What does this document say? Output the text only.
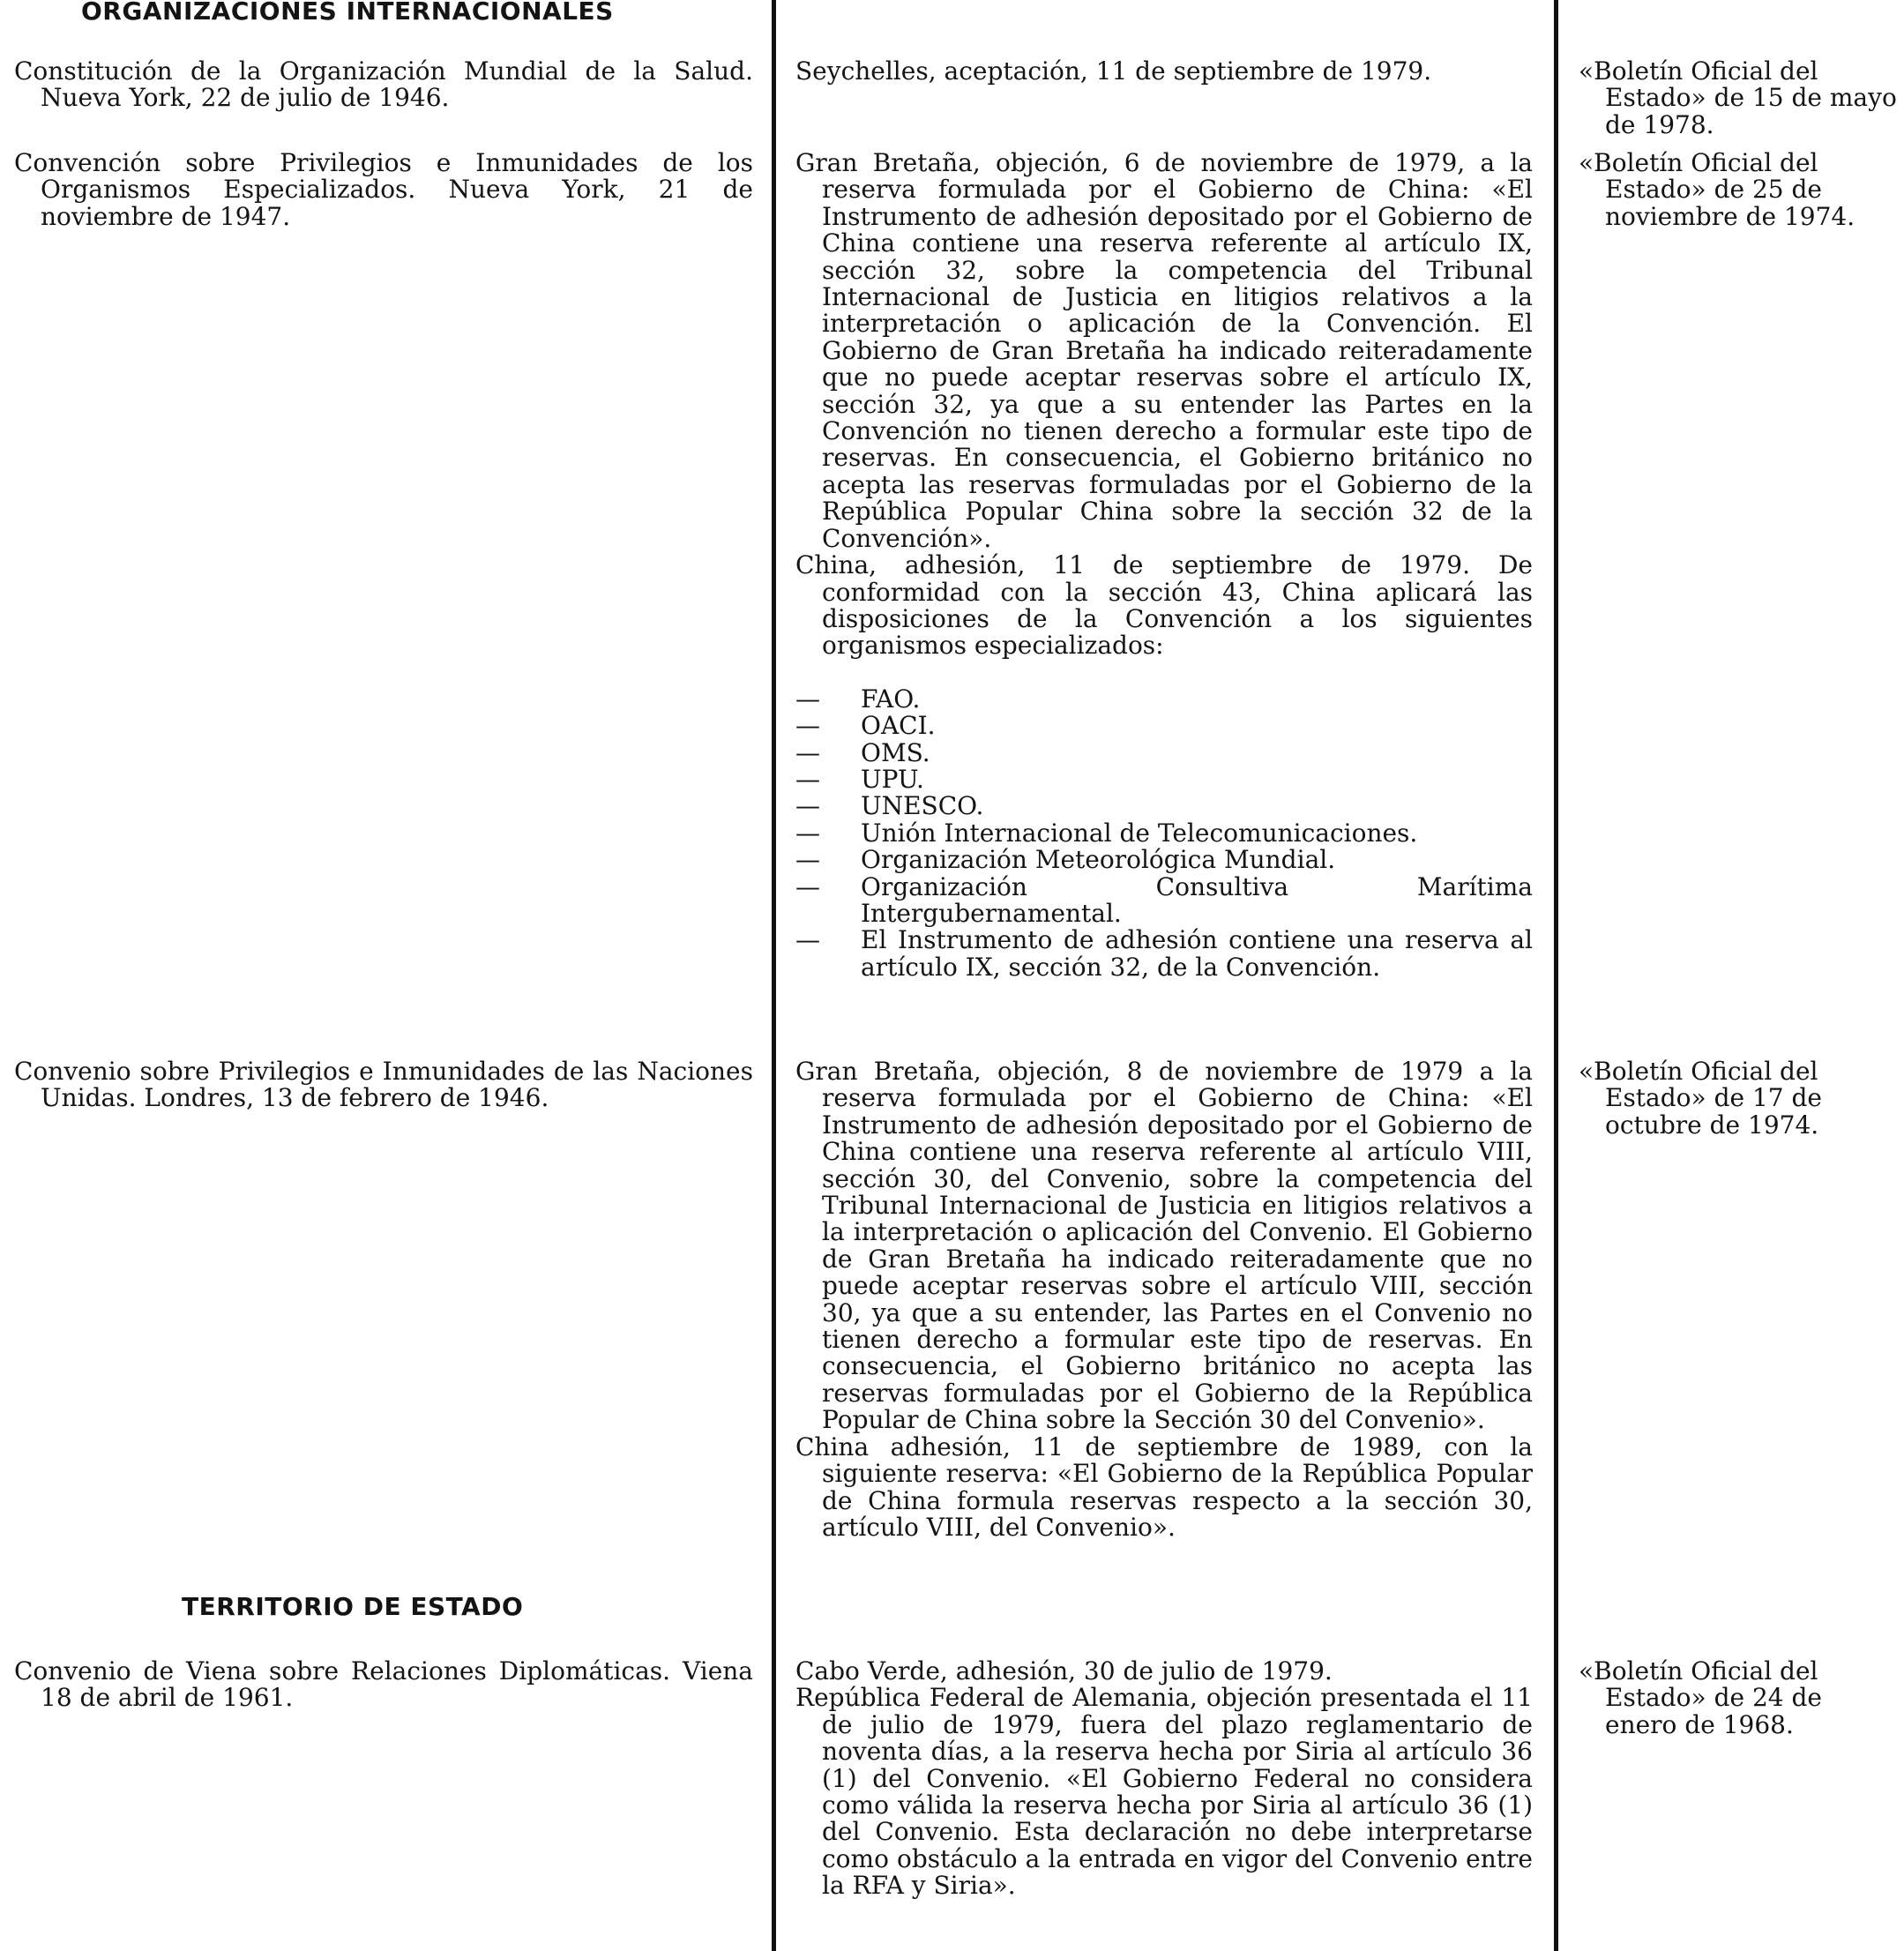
ORGANIZACIONES INTERNACIONALES

Constitución de la Organización Mundial de la Salud. Nueva York, 22 de julio de 1946.

Seychelles, aceptación, 11 de septiembre de 1979.	«Boletín Oficial del Estado» de 15 de mayo de 1978.

Convención sobre Privilegios e Inmunidades de los Organismos Especializados. Nueva York, 21 de noviembre de 1947.

Gran Bretaña, objeción, 6 de noviembre de 1979, a la reserva formulada por el Gobierno de China: «El Instrumento de adhesión depositado por el Gobierno de China contiene una reserva referente al artículo IX, sección 32, sobre la competencia del Tribunal Internacional de Justicia en litigios relativos a la interpretación o aplicación de la Convención. El Gobierno de Gran Bretaña ha indicado reiteradamente que no puede aceptar reservas sobre el artículo IX, sección 32, ya que a su entender las Partes en la Convención no tienen derecho a formular este tipo de reservas. En consecuencia, el Gobierno británico no acepta las reservas formuladas por el Gobierno de la República Popular China sobre la sección 32 de la Convención».

China, adhesión, 11 de septiembre de 1979. De conformidad con la sección 43, China aplicará las disposiciones de la Convención a los siguientes organismos especializados:

— FAO.
— OACI.
— OMS.
— UPU.
— UNESCO.
— Unión Internacional de Telecomunicaciones.
— Organización Meteorológica Mundial.
— Organización Consultiva Marítima Intergubernamental.
— El Instrumento de adhesión contiene una reserva al artículo IX, sección 32, de la Convención.

«Boletín Oficial del Estado» de 25 de noviembre de 1974.

Convenio sobre Privilegios e Inmunidades de las Naciones Unidas. Londres, 13 de febrero de 1946.

Gran Bretaña, objeción, 8 de noviembre de 1979 a la reserva formulada por el Gobierno de China: «El Instrumento de adhesión depositado por el Gobierno de China contiene una reserva referente al artículo VIII, sección 30, del Convenio, sobre la competencia del Tribunal Internacional de Justicia en litigios relativos a la interpretación o aplicación del Convenio. El Gobierno de Gran Bretaña ha indicado reiteradamente que no puede aceptar reservas sobre el artículo VIII, sección 30, ya que a su entender, las Partes en el Convenio no tienen derecho a formular este tipo de reservas. En consecuencia, el Gobierno británico no acepta las reservas formuladas por el Gobierno de la República Popular de China sobre la Sección 30 del Convenio».

China adhesión, 11 de septiembre de 1989, con la siguiente reserva: «El Gobierno de la República Popular de China formula reservas respecto a la sección 30, artículo VIII, del Convenio».

«Boletín Oficial del Estado» de 17 de octubre de 1974.

TERRITORIO DE ESTADO

Convenio de Viena sobre Relaciones Diplomáticas. Viena 18 de abril de 1961.

Cabo Verde, adhesión, 30 de julio de 1979.

República Federal de Alemania, objeción presentada el 11 de julio de 1979, fuera del plazo reglamentario de noventa días, a la reserva hecha por Siria al artículo 36 (1) del Convenio. «El Gobierno Federal no considera como válida la reserva hecha por Siria al artículo 36 (1) del Convenio. Esta declaración no debe interpretarse como obstáculo a la entrada en vigor del Convenio entre la RFA y Siria».

«Boletín Oficial del Estado» de 24 de enero de 1968.
